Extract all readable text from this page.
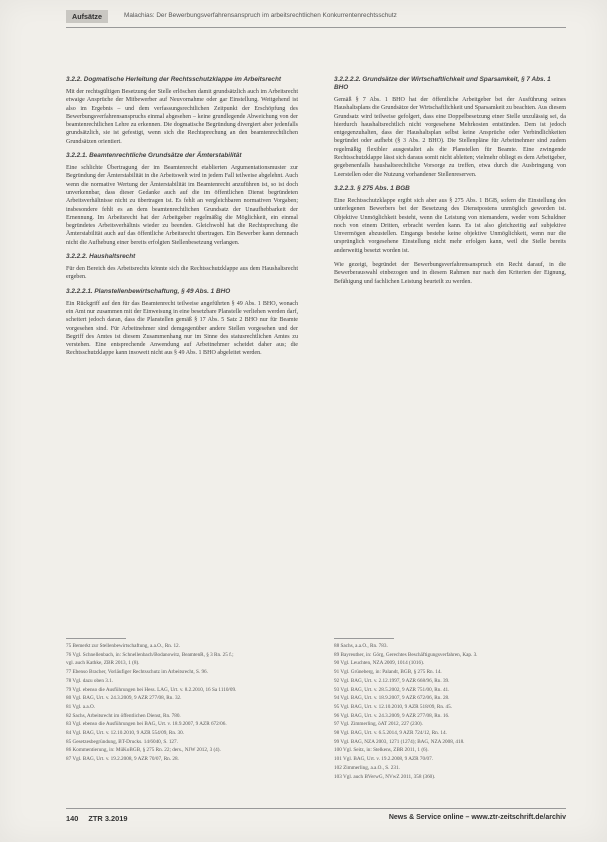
Aufsätze	Malachias: Der Bewerbungsverfahrensanspruch im arbeitsrechtlichen Konkurrentenrechtsschutz
3.2.2. Dogmatische Herleitung der Rechtsschutzklappe im Arbeitsrecht

Mit der rechtsgültigen Besetzung der Stelle erlöschen damit grundsätzlich auch im Arbeitsrecht etwaige Ansprüche der Mitbewerber auf Neuvornahme oder gar Einstellung. Weitgehend ist also im Ergebnis – und dem verfassungsrechtlichen Zeitpunkt der Erschöpfung des Bewerbungsverfahrensanspruchs einmal abgesehen – keine grundlegende Abweichung von der beamtenrechtlichen Lehre zu erkennen. Die dogmatische Begründung divergiert aber jedenfalls grundsätzlich, sie ist gefestigt, wenn sich die Rechtsprechung an den beamtenrechtlichen Grundsätzen orientiert.

3.2.2.1. Beamtenrechtliche Grundsätze der Ämterstabilität

Eine schlichte Übertragung der im Beamtenrecht etablierten Argumentationsmuster zur Begründung der Ämterstabilität in die Arbeitswelt wird in jedem Fall teilweise abgelehnt. Auch wenn die normative Wertung der Ämterstabilität im Beamtenrecht anzuführen ist, so ist doch unverkennbar, dass dieser Gedanke auch auf die im öffentlichen Dienst begründeten Arbeitsverhältnisse nicht zu übertragen ist. Es fehlt an vergleichbaren normativen Vorgaben; insbesondere fehlt es an dem beamtenrechtlichen Grundsatz der Unaufhebbarkeit der Ernennung. Im Arbeitsrecht hat der Arbeitgeber regelmäßig die Möglichkeit, ein einmal begründetes Arbeitsverhältnis wieder zu beenden. Gleichwohl hat die Rechtsprechung die Ämterstabilität auch auf das öffentliche Arbeitsrecht übertragen. Ein Bewerber kann demnach nicht die Aufhebung einer bereits erfolgten Stellenbesetzung verlangen.

3.2.2.2. Haushaltsrecht

Für den Bereich des Arbeitsrechts könnte sich die Rechtsschutzklappe aus dem Haushaltsrecht ergeben.

3.2.2.2.1. Planstellenbewirtschaftung, § 49 Abs. 1 BHO

Ein Rückgriff auf den für das Beamtenrecht teilweise angeführten § 49 Abs. 1 BHO, wonach ein Amt nur zusammen mit der Einweisung in eine besetzbare Planstelle verliehen werden darf, scheitert jedoch daran, dass die Planstellen gemäß § 17 Abs. 5 Satz 2 BHO nur für Beamte vorgesehen sind. Für Arbeitnehmer sind demgegenüber andere Stellen vorgesehen und der Begriff des Amtes ist diesem Zusammenhang nur im Sinne des statusrechtlichen Amtes zu verstehen. Eine entsprechende Anwendung auf Arbeitnehmer scheidet daher aus; die Rechtsschutzklappe kann insoweit nicht aus § 49 Abs. 1 BHO abgeleitet werden.

3.2.2.2.2. Grundsätze der Wirtschaftlichkeit und Sparsamkeit, § 7 Abs. 1 BHO

Gemäß § 7 Abs. 1 BHO hat der öffentliche Arbeitgeber bei der Ausführung seines Haushaltsplans die Grundsätze der Wirtschaftlichkeit und Sparsamkeit zu beachten. Aus diesem Grundsatz wird teilweise gefolgert, dass eine Doppelbesetzung einer Stelle unzulässig sei, da hierdurch haushaltsrechtlich nicht vorgesehene Mehrkosten entstünden. Dem ist jedoch entgegenzuhalten, dass der Haushaltsplan selbst keine Ansprüche oder Verbindlichkeiten begründet oder aufhebt (§ 3 Abs. 2 BHO). Die Stellenpläne für Arbeitnehmer sind zudem regelmäßig flexibler ausgestaltet als die Planstellen für Beamte. Eine zwingende Rechtsschutzklappe lässt sich daraus somit nicht ableiten; vielmehr obliegt es dem Arbeitgeber, gegebenenfalls haushaltsrechtliche Vorsorge zu treffen, etwa durch die Ausbringung von Leerstellen oder die Nutzung vorhandener Stellenreserven.

3.2.2.3. § 275 Abs. 1 BGB

Eine Rechtsschutzklappe ergibt sich aber aus § 275 Abs. 1 BGB, sofern die Einstellung des unterlegenen Bewerbers bei der Besetzung des Dienstpostens unmöglich geworden ist. Objektive Unmöglichkeit besteht, wenn die Leistung von niemandem, weder vom Schuldner noch von einem Dritten, erbracht werden kann. Es ist also gleichzeitig auf subjektive Unvermögen abzustellen. Eingangs bestehe keine objektive Unmöglichkeit, wenn nur die ursprünglich vorgesehene Einstellung nicht mehr erfolgen kann, weil die Stelle bereits anderweitig besetzt worden ist.

Wie gezeigt, begründet der Bewerbungsverfahrensanspruch ein Recht darauf, in die Bewerberauswahl einbezogen und in diesem Rahmen nur nach den Kriterien der Eignung, Befähigung und fachlichen Leistung beurteilt zu werden.

75 Bemerkt zur Stellenbewirtschaftung, a.a.O., Rn. 12.
76 Vgl. Schnellenbach, in: Schnellenbach/Bodanowitz, BeamtenR, § 3 Rn. 25 f.;
vgl. auch Kathke, ZBR 2013, 1 (8).
77 Ebenso Bracher, Vorläufiger Rechtsschutz im Arbeitsrecht, S. 96.
78 Vgl. dazu oben 3.1.
79 Vgl. ebenso die Ausführungen bei Hess. LAG, Urt. v. 8.2.2010, 16 Sa 1110/09.
80 Vgl. BAG, Urt. v. 24.3.2009, 9 AZR 277/08, Rn. 32.
81 Vgl. a.a.O.
82 Sachs, Arbeitsrecht im öffentlichen Dienst, Rn. 780.
83 Vgl. ebenso die Ausführungen bei BAG, Urt. v. 18.9.2007, 9 AZR 672/06.
84 Vgl. BAG, Urt. v. 12.10.2010, 9 AZR 554/09, Rn. 30.
85 Gesetzesbegründung, BT-Drucks. 14/6040, S. 127.
86 Kommentierung, in: MüKoBGB, § 275 Rn. 22; ders., NJW 2012, 3 (4).
87 Vgl. BAG, Urt. v. 19.2.2008, 9 AZR 70/07, Rn. 28.
88 Sachs, a.a.O., Rn. 783.
89 Bayreuther, in: Görg, Gerechtes Beschäftigungsverfahren, Kap. 3.
90 Vgl. Leuchten, NZA 2009, 1014 (1016).
91 Vgl. Grüneberg, in: Palandt, BGB, § 275 Rn. 14.
92 Vgl. BAG, Urt. v. 2.12.1997, 9 AZR 668/96, Rn. 39.
93 Vgl. BAG, Urt. v. 28.5.2002, 9 AZR 751/00, Rn. 41.
94 Vgl. BAG, Urt. v. 18.9.2007, 9 AZR 672/06, Rn. 28.
95 Vgl. BAG, Urt. v. 12.10.2010, 9 AZR 518/09, Rn. 45.
96 Vgl. BAG, Urt. v. 24.3.2009, 9 AZR 277/08, Rn. 16.
97 Vgl. Zimmerling, öAT 2012, 227 (230).
98 Vgl. BAG, Urt. v. 6.5.2014, 9 AZR 724/12, Rn. 14.
99 Vgl. BAG, NZA 2003, 1271 (1274); BAG, NZA 2008, 418.
100 Vgl. Seitz, in: Stelkens, ZBR 2011, 1 (6).
101 Vgl. BAG, Urt. v. 19.2.2008, 9 AZR 70/07.
102 Zimmerling, a.a.O., S. 231.
103 Vgl. auch BVerwG, NVwZ 2011, 358 (360).
140 ZTR 3.2019	News & Service online – www.ztr-zeitschrift.de/archiv
